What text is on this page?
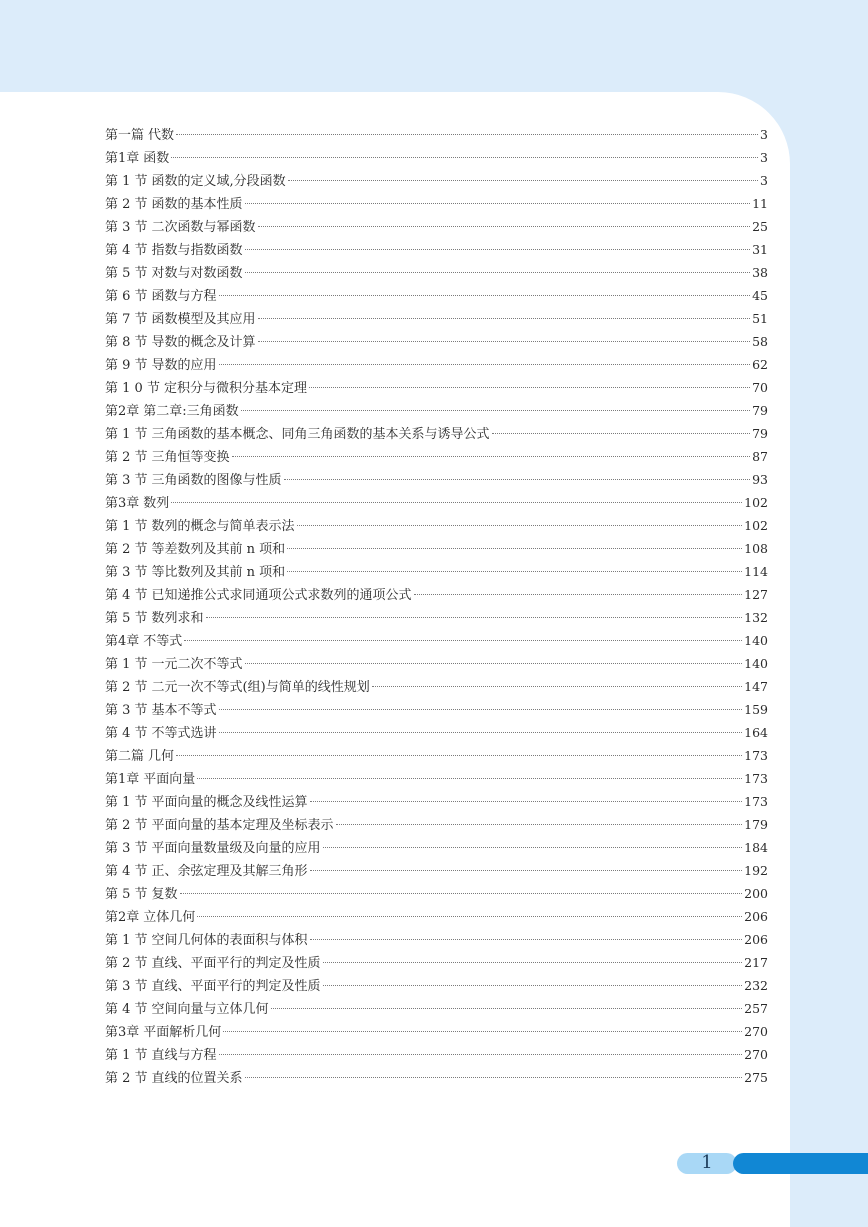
第一篇 代数	3
第1章 函数	3
第 1 节 函数的定义域,分段函数	3
第 2 节 函数的基本性质	11
第 3 节 二次函数与幂函数	25
第 4 节 指数与指数函数	31
第 5 节 对数与对数函数	38
第 6 节 函数与方程	45
第 7 节 函数模型及其应用	51
第 8 节 导数的概念及计算	58
第 9 节 导数的应用	62
第 1 0 节 定积分与微积分基本定理	70
第2章 第二章:三角函数	79
第 1 节 三角函数的基本概念、同角三角函数的基本关系与诱导公式	79
第 2 节 三角恒等变换	87
第 3 节 三角函数的图像与性质	93
第3章 数列	102
第 1 节 数列的概念与简单表示法	102
第 2 节 等差数列及其前 n 项和	108
第 3 节 等比数列及其前 n 项和	114
第 4 节 已知递推公式求同通项公式求数列的通项公式	127
第 5 节 数列求和	132
第4章 不等式	140
第 1 节 一元二次不等式	140
第 2 节 二元一次不等式(组)与简单的线性规划	147
第 3 节 基本不等式	159
第 4 节 不等式选讲	164
第二篇 几何	173
第1章 平面向量	173
第 1 节 平面向量的概念及线性运算	173
第 2 节 平面向量的基本定理及坐标表示	179
第 3 节 平面向量数量级及向量的应用	184
第 4 节 正、余弦定理及其解三角形	192
第 5 节 复数	200
第2章 立体几何	206
第 1 节 空间几何体的表面积与体积	206
第 2 节 直线、平面平行的判定及性质	217
第 3 节 直线、平面平行的判定及性质	232
第 4 节 空间向量与立体几何	257
第3章 平面解析几何	270
第 1 节 直线与方程	270
第 2 节 直线的位置关系	275
1
